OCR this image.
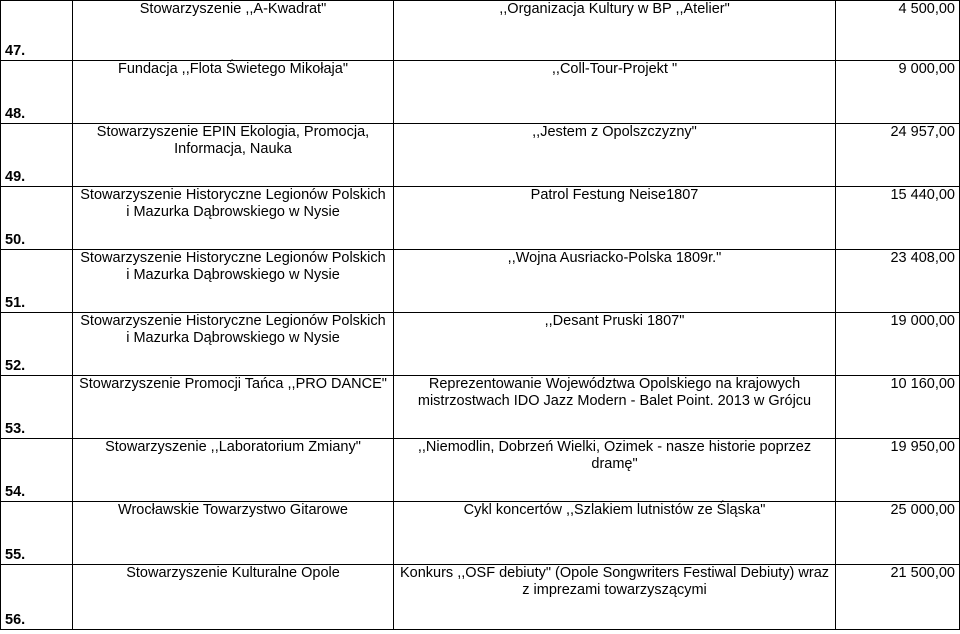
47.	Stowarzyszenie ,,A-Kwadrat"	,,Organizacja Kultury w BP ,,Atelier"	4 500,00
48.	Fundacja ,,Flota Świetego Mikołaja"	,,Coll-Tour-Projekt "	9 000,00
49.	Stowarzyszenie EPIN Ekologia, Promocja, Informacja, Nauka	,,Jestem z Opolszczyzny"	24 957,00
50.	Stowarzyszenie Historyczne Legionów Polskich i Mazurka Dąbrowskiego w Nysie	Patrol Festung Neise1807	15 440,00
51.	Stowarzyszenie Historyczne Legionów Polskich i Mazurka Dąbrowskiego w Nysie	,,Wojna Ausriacko-Polska 1809r."	23 408,00
52.	Stowarzyszenie Historyczne Legionów Polskich i Mazurka Dąbrowskiego w Nysie	,,Desant Pruski 1807"	19 000,00
53.	Stowarzyszenie Promocji Tańca ,,PRO DANCE"	Reprezentowanie Województwa Opolskiego na krajowych mistrzostwach IDO Jazz Modern - Balet Point. 2013 w Grójcu	10 160,00
54.	Stowarzyszenie ,,Laboratorium Zmiany"	,,Niemodlin, Dobrzeń Wielki, Ozimek - nasze historie poprzez dramę"	19 950,00
55.	Wrocławskie Towarzystwo Gitarowe	Cykl koncertów ,,Szlakiem lutnistów ze Śląska"	25 000,00
56.	Stowarzyszenie Kulturalne Opole	Konkurs ,,OSF debiuty" (Opole Songwriters Festiwal Debiuty) wraz z imprezami towarzyszącymi	21 500,00
